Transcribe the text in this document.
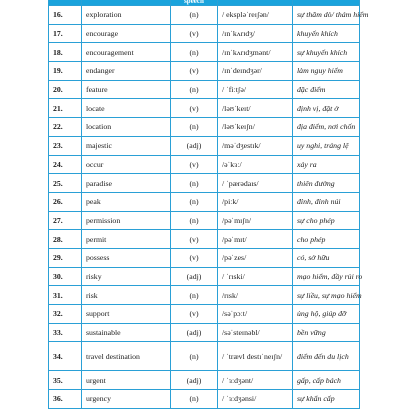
		speech		
16.	exploration	(n)	/ ekspləˈreɪʃən/	sự thăm dò/ thám hiểm
17.	encourage	(v)	/ɪnˈkʌrɪdʒ/	khuyến khích
18.	encouragement	(n)	/ɪnˈkʌrɪdʒmənt/	sự khuyến khích
19.	endanger	(v)	/ɪnˈdeɪndʒər/	làm nguy hiểm
20.	feature	(n)	/ ˈfiːtʃə/	đặc điểm
21.	locate	(v)	/ləʊˈkeɪt/	định vị, đặt ở
22.	location	(n)	/ləʊˈkeɪʃn/	địa điểm, nơi chốn
23.	majestic	(adj)	/məˈdʒestɪk/	uy nghi, tráng lệ
24.	occur	(v)	/əˈkɜː/	xảy ra
25.	paradise	(n)	/ ˈpærədaɪs/	thiên đường
26.	peak	(n)	/piːk/	đỉnh, đỉnh núi
27.	permission	(n)	/pəˈmɪʃn/	sự cho phép
28.	permit	(v)	/pəˈmɪt/	cho phép
29.	possess	(v)	/pəˈzes/	có, sở hữu
30.	risky	(adj)	/ ˈrɪski/	mạo hiểm, đầy rủi ro
31.	risk	(n)	/rɪsk/	sự liều, sự mạo hiểm
32.	support	(v)	/səˈpɔːt/	ủng hộ, giúp đỡ
33.	sustainable	(adj)	/səˈsteɪnəbl/	bền vững
34.	travel destination	(n)	/ ˈtrævl destɪˈneɪʃn/	điểm đến du lịch
35.	urgent	(adj)	/ ˈɜːdʒənt/	gấp, cấp bách
36.	urgency	(n)	/ ˈɜːdʒənsi/	sự khẩn cấp
